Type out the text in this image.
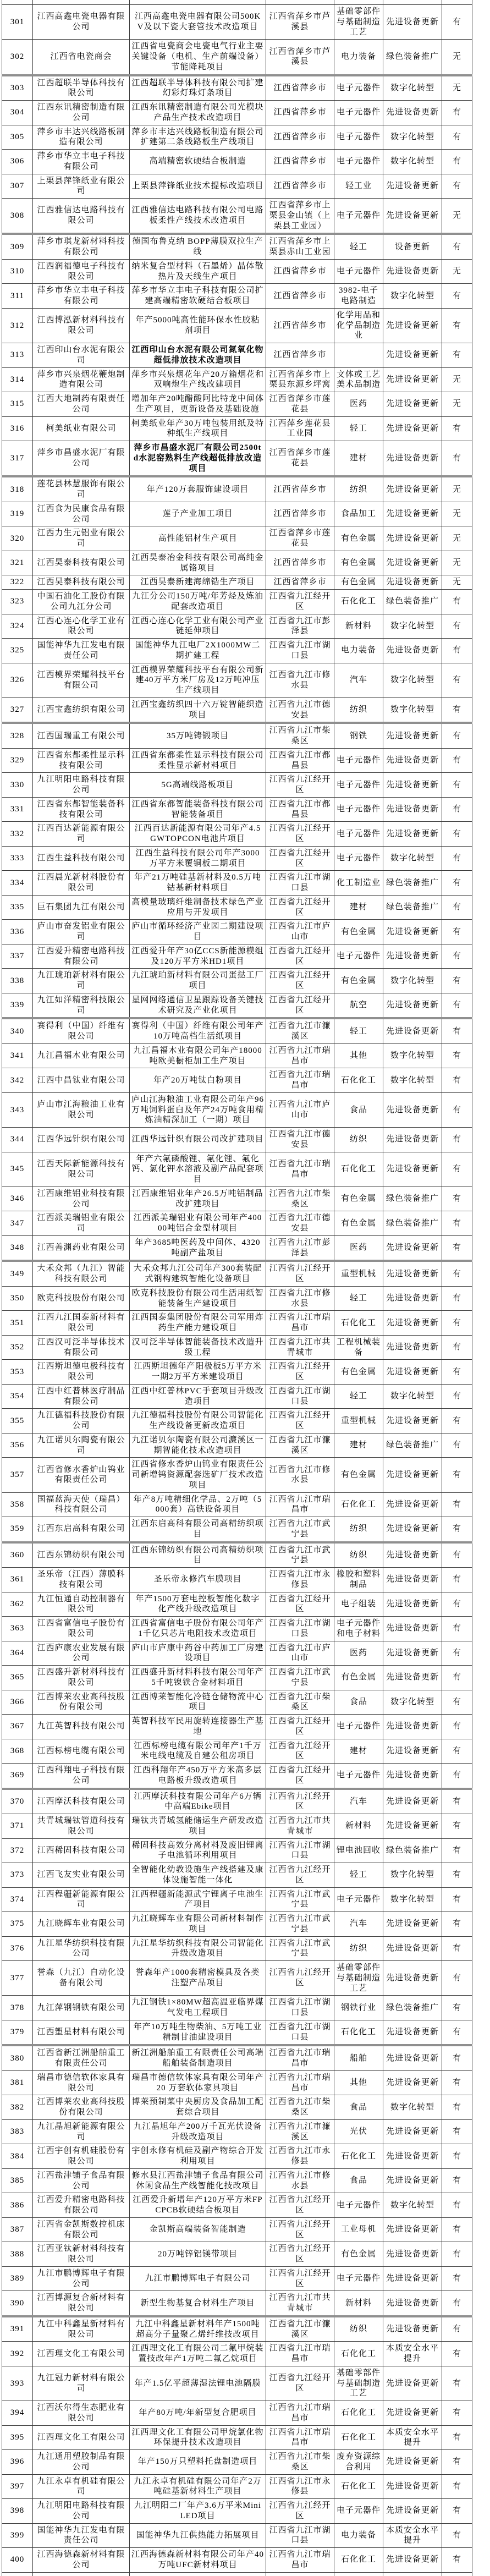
301	江西高鑫电瓷电器有限公司	江西高鑫电瓷电器有限公司500KV及以下瓷大套管技术改造项目	江西省萍乡市芦溪县	基础零部件与基础制造工艺	先进设备更新	有
302	江西省电瓷商会	江西省电瓷商会电瓷电气行业主要关键设备（电机、生产前端设备）节能降耗项目	江西省萍乡市芦溪县	电力装备	绿色装备推广	无
303	江西超联半导体科技有限公司	江西超联半导体科技有限公司扩建幻彩灯珠灯条项目	江西省萍乡市	电子元器件	数字化转型	无
304	江西东讯精密制造有限公司	江西东讯精密制造有限公司光模块产品生产技术改造项目	江西省萍乡市	电子元器件	先进设备更新	有
305	萍乡市丰达兴线路板制造有限公司	萍乡市丰达兴线路板制造有限公司扩建第二条线路板生产线项目	江西省萍乡市	电子元器件	数字化转型	有
306	萍乡市华立丰电子科技有限公司	高端精密软硬结合板制造	江西省萍乡市	电子元器件	数字化转型	有
307	上栗县萍锋纸业有限公司	上栗县萍锋纸业技术提标改造项目	江西省萍乡市	轻工业	先进设备更新	有
308	江西雅信达电路科技有限公司	江西雅信达电路科技有限公司电路板柔性产线技术改造项目	江西省萍乡市上栗县金山镇（上栗县工业园）	电子元器件	先进设备更新	无
309	萍乡市琪龙新材料科技有限公司	德国布鲁克纳 BOPP薄膜双拉生产线	江西省萍乡市上栗县赤山工业园	轻工	设备更新	有
310	江西润福德电子科技有限公司	纳米复合型材料（石墨烯）晶体散热片及天线生产项目	江西省萍乡市	电子元器件	先进设备更新	无
311	萍乡市华立丰电子科技有限公司	萍乡市华立丰电子科技有限公司扩建高端精密软硬结合板项目	江西省萍乡市	3982-电子电路制造	数字化转型	有
312	江西博泓新材料科技有限公司	年产5000吨高性能环保水性胶粘剂项目	江西省萍乡市	化学用品和化学品制造业	先进设备更新	有
313	江西印山台水泥有限公司	江西印山台水泥有限公司氮氧化物超低排放技术改造项目	江西省萍乡市		先进设备更新	有
314	萍乡市兴泉烟花鞭炮制造有限公司	萍乡市兴泉烟花年产20万箱烟花和双响炮生产线改建项目	江西省萍乡市上栗县东源乡坪窝	文体或工艺美术品制造	先进设备更新	无
315	江西大地制药有限责任公司	增加年产20吨醋酸阿比特龙中间体生产项目，更新设备及基础设施	江西省萍乡市莲花县	医药	先进设备更新	无
316	柯美纸业有限公司	柯美纸业年产30万吨包装用纸及特种纸生产线项目	江西萍乡莲花县工业园	轻工	先进设备更新	有
317	萍乡市昌盛水泥厂有限公司	萍乡市昌盛水泥厂有限公司2500td水泥窑熟料生产线超低排放改造项目	江西省萍乡市莲花县	建材	先进设备更新	有
318	莲花县林慧服饰有限公司	年产120万套服饰建设项目	江西省萍乡市	纺织	先进设备更新	无
319	江西食为民康食品有限公司	莲子产业加工项目	江西省萍乡市	食品加工	先进设备更新	无
320	江西力生元铝业有限公司	高性能铝材生产项目	江西省萍乡市莲花县	有色金属	先进设备更新	无
321	江西昊泰科技有限公司	江西昊泰冶金科技有限公司高纯金属铬项目	江西省萍乡市	有色金属	先进设备更新	无
322	江西昊泰科技有限公司	江西昊泰新建海绵锆生产项目	江西省萍乡市	有色金属	先进设备更新	无
323	中国石油化工股份有限公司九江分公司	九江分公司150万吨/年芳烃及炼油配套改造项目	江西省九江经开区	石化化工	绿色装备推广	有
324	江西心连心化学工业有限公司	江西心连心化学工业有限公司产业链延伸项目	江西省九江市彭泽县	新材料	数字化转型	有
325	国能神华九江发电有限责任公司	国能神华九江电厂2X1000MW二期扩建工程	江西省九江市湖口县	电力装备	先进设备更新	有
326	江西模界荣耀科技平台有限公司	江西模界荣耀科技平台有限公司新建40万平方米厂房及12万吨冲压生产线项目	江西省九江市修水县	汽车	数字化转型	有
327	江西宝鑫纺织有限公司	江西宝鑫纺织四十六万锭智能织造项目	江西省九江市德安县	纺织	数字化转型	有
328	江西国瑞重工有限公司	35万吨铸锻项目	江西省九江市柴桑区	钢铁	先进设备更新	有
329	江西省东都柔性显示科技有限公司	江西省东都柔性显示科技有限公司柔性显示新材料项目	江西省九江市都昌县	电子元器件	先进设备更新	有
330	九江明阳电路科技有限公司	5G高端线路板项目	江西省九江经开区	电子元器件	先进设备更新	有
331	江西省东都智能装备科技有限公司	江西省东都智能装备科技有限公司智能装备项目	江西省九江市都昌县	电子元器件	先进设备更新	有
332	江西百达新能源有限公司	江西百达新能源有限公司年产4.5GWTOPCON电池片项目	江西省九江经开区	电子元器件	先进设备更新	有
333	江西生益科技有限公司	江西生益科技有限公司年产3000万平方米覆铜板二期项目	江西省九江经开区	电子元器件	数字化转型	有
334	江西晨光新材料股份有限公司	年产21万吨硅基新材料及0.5万吨钴基新材料项目	江西省九江市湖口县	化工制造业	绿色装备推广	有
335	巨石集团九江有限公司	高模量玻璃纤维制备技术绿色产业应用与开发项目	江西省九江经开区	建材	绿色装备推广	有
336	庐山市奋发铝业有限公司	庐山市循环经济产业园二期建设项目	江西省九江市庐山市	有色金属	先进设备更新	有
337	江西爱升精密电路科技有限公司	江西爱升年产30亿CCS新能源模组及120万平方米HD1项目	江西省九江经开区	电子元器件	先进设备更新	有
338	九江琥珀新材料有限公司	九江琥珀新材料有限公司蛋挞工厂项目	江西省九江经开区	有色金属	数字化转型	有
339	九江如洋精密科技限公司	星网网络通信卫星跟踪设备关键技术研究及产业化项目	江西省九江经开区	航空	先进设备更新	有
340	赛得利（中国）纤维有限公司	赛得利（中国）纤维有限公司年产10万吨高档生活纸项目	江西省九江市濂溪区	轻工	先进设备更新	有
341	九江昌福木业有限公司	九江昌福木业有限公司年产18000吨欧美橱柜加工生产项目	江西省九江市瑞昌市	其他	数字化转型	有
342	江西中昌钛业有限公司	年产20万吨钛白粉项目	江西省九江市瑞昌市	石化化工	数字化转型	有
343	庐山市江海粮油工业有限公司	庐山江海粮油工业有限公司年产96万吨饲料蛋白及年产24万吨食用精炼油精深加工（一期）项目	江西省九江市庐山市	食品	先进设备更新	有
344	江西华远针织有限公司	江西华远针织有限公司改扩建项目	江西省九江市德安县	纺织	先进设备更新	有
345	江西天际新能源科技有限公司	年产六氟磷酸锂、氟化锂、氟化钙、氯化钾水溶液及副产品配套项目	江西省九江市瑞昌市	石化化工	先进设备更新	有
346	江西康维铝业科技有限公司	江西康维铝业年产26.5万吨铝制品改扩建项目	江西省九江市柴桑区	有色金属	绿色装备推广	有
347	江西派美瑞铝业有限公司	江西派美瑞铝业有限公司年产40000吨铝合金型材项目	江西省九江市德安县	有色金属	绿色装备推广	有
348	江西善渊药业有限公司	年产3685吨医药及中间体、4320吨副产盐项目	江西省九江市彭泽县	医药	先进设备更新	有
349	大禾众邦（九江）智能科技有限公司	大禾众邦九江公司年产300套装配式钢构建筑智能化设备项目	江西省九江经开区	重型机械	先进设备更新	有
350	欧克科技股份有限公司	欧克科技股份有限公司生活用纸智能装备生产建设项目	江西省九江市修水县	轻工	先进设备更新	有
351	江西九江国泰新材料有限公司	江西国泰集团股份有限公司军用炸药生产能力建设项目	江西省九江市瑞昌市	石化化工	先进设备更新	有
352	江西汉可泛半导体技术有限公司	汉可泛半导体智能装备技术改造升级工程	江西省九江市共青城市	工程机械装备	先进设备更新	有
353	江西斯坦德电极科技有限公司	江西斯坦德年产阳极板5万平方米一期2万平方米建设项目	江西省九江经开区	有色金属	先进设备更新	有
354	江西中红普林医疗制品有限公司	江西中红普林PVC手套项目升级改造项目	江西省九江市湖口县	轻工	数字化转型	有
355	九江德福科技股份有限公司	九江德福科技股份有限公司智能化生产线设备更新改造项目	江西省九江经开区	重型机械	先进设备更新	有
356	九江诺贝尔陶瓷有限公司	九江诺贝尔陶瓷有限公司濂溪区一期智能化技术改造项目	江西省九江市濂溪区	建材	绿色装备推广	有
357	江西省修水香炉山钨业有限责任公司	江西省修水香炉山钨业有限责任公司新增钨资源配套选矿厂技术改造项目	江西省九江市修水县	有色金属	先进设备更新	有
358	国福蓝海天使（瑞昌）科技有限公司	年产8万吨精细化学品、2万吨（5000套）高铁设备项目	江西省九江市瑞昌市	石化化工	先进设备更新	有
359	江西东启高科有限公司	江西东启高科有限公司高精纺织项目	江西省九江市武宁县	纺织	先进设备更新	有
360	江西东锦纺织有限公司	江西东锦纺织有限公司高精纺织项目	江西省九江市武宁县	纺织	先进设备更新	有
361	圣乐帝（江西）薄膜科技有限公司	圣乐帝永修汽车膜项目	江西省九江市永修县	橡胶和塑料制品	先进设备更新	有
362	九江恒通自动控制器有限公司	年产1500万套电控板智能化数字化产线升级改造项目	江西省九江经开区	电子组装	先进设备更新	有
363	江西省富信电子股份有限公司	江西省富信电子股份有限公司年产1千亿只芯片电阻技术改造项目	江西省九江市湖口县	电子元器件和电子材料	先进设备更新	有
364	江西庐康农业发展有限公司	庐山市庐康中药谷中药加工厂房建设项目	江西省九江市庐山市	医药	先进设备更新	有
365	江西盛升新材料科技有限公司	江西盛升新材料科技有限公司年产5千吨镍铁合金材料项目	江西省九江市武宁县	有色金属	先进设备更新	有
366	江西博莱农业高科技股份有限公司	江西博莱智能化冷链仓储物流中心项目	江西省九江市柴桑区	食品	数字化转型	有
367	九江英智科技有限公司	英智科技军民用旋转连接器生产基地	江西省九江经开区	电子元器件	先进设备更新	有
368	江西标榜电缆有限公司	江西标榜电缆有限公司年产1千万米电线电缆及自建公租房项目	江西省九江经开区	建材	先进设备更新	有
369	江西科翔电子科技有限公司	江西科翔年产450万平方米高多层电路板升级改造项目	江西省九江经开区	电子元器件	先进设备更新	有
370	江西摩沃科技有限公司	江西摩沃科技有限公司年产6万辆中高端Ebike项目	江西省九江经开区	汽车	先进设备更新	有
371	共青城瑞钛管道科技有限公司	瑞钛共青城氢能储运生产研发改造项目	江西省九江市共青城市	新材料	先进设备更新	有
372	江西稀固科技有限公司	稀固科技高效分离材料及废旧锂离子电池循环利用项目	江西省九江市湖口县	锂电池回收	绿色装备推广	有
373	江西飞友实业有限公司	全智能化幼教设施生产线搭建及康体设施智能一体化	江西省九江经开区	轻工	数字化转型	有
374	江西程疆新能源有限公司	江西程疆新能源武宁锂离子电池生产项目	江西省九江市武宁县	电子元器件	数字化转型	有
375	九江晓辉车业有限公司	九江晓辉车业有限公司新材料制作项目	江西省九江市武宁县	汽车	先进设备更新	有
376	九江星华纺织科技有限公司	九江星华纺织科技有限公司智能化升级改造项目	江西省九江市武宁县	纺织	先进设备更新	有
377	誉森（九江）自动化设备有限公司	誉森年产1000套精密模具及各类注塑产品项目	江西省九江经开区	基础零部件与基础制造工艺	先进设备更新	有
378	九江萍钢钢铁有限公司	九江钢铁1×80MW超高温亚临界煤气发电工程项目	江西省九江市湖口县	钢铁行业	绿色装备推广	有
379	江西塑星材料有限公司	年产10万吨生物柴油、5万吨工业精制甘油建设项目	江西省九江市湖口县	石化化工	先进设备更新	有
380	江西省新江洲船舶重工有限责任公司	新江洲船舶重工有限责任公司高端船舶装备制造项目	江西省九江市瑞昌市	船舶	先进设备更新	有
381	瑞昌市德信软体家具有限公司	瑞昌市德信软体家具有限公司年产 20 万套软体家具项目	江西省九江市瑞昌市	其他	先进设备更新	有
382	江西博莱农业高科技股份有限公司	博莱预制菜中央厨房及食品加工配套综合项目	江西省九江市柴桑区	食品	数字化转型	有
383	九江晶旭新能源有限公司	九江晶旭年产200万千瓦光伏设备升级改造项目	江西省九江市濂溪区	光伏	先进设备更新	有
384	江西宇创有机硅股份有限公司	宇创永修有机硅及副产物综合开发利用项目	江西省九江市永修县	石化化工	先进设备更新	有
385	江西盐津铺子食品有限公司	修水县江西盐津铺子食品有限公司休闲食品生产线智能化技改项目	江西省九江市修水县	食品	先进设备更新	有
386	江西爱升精密电路科技有限公司	江西爱升新增年产120万平方米FPCPCB软硬结合板项目	江西省九江经开区	电子元器件	数字化转型	有
387	江西省金凯斯数控机床有限公司	金凯斯高端装备智能制造	江西省九江经开区	工业母机	先进设备更新	有
388	江西亚钛新材料科技有限公司	20万吨锌铝镁带项目	江西省九江经开区	有色金属	先进设备更新	有
389	九江市鹏博辉电子有限公司	九江市鹏博辉电子有限公司	江西省九江经开区	电子元器件	先进设备更新	有
390	江西博源复合新材料有限公司	新型生物基复合材料生产项目	江西省九江市共青城市	新材料	先进设备更新	有
391	九江中科鑫星新材料有限公司	九江中科鑫星新材料年产1500吨超高分子量聚乙烯纤维技改项目	江西省九江市濂溪区	纺织	先进设备更新	有
392	江西理文化工有限公司	江西理文化工有限公司二氟甲烷装置技改年产1万吨二氟乙烷项目	江西省九江市瑞昌市	石化化工	本质安全水平提升	有
393	九江冠力新材料有限公司	年产1.5亿平超薄湿法锂电池隔膜	江西省九江经开区	基础零部件与基础制造工艺	先进设备更新	有
394	江西沃尔得生态肥业有限公司	年产80万吨/年新型复合肥项目	江西省九江市瑞昌市	石化化工	先进设备更新	有
395	江西理文化工有限公司	江西理文化工有限公司甲烷氯化物环保提升技术改造项目	江西省九江市瑞昌市	石化化工	本质安全水平提升	有
396	九江通用塑胶制品有限公司	年产150万只塑料托盘制造项目	江西省九江市柴桑区	废弃资源综合利用	先进设备更新	有
397	九江永卓有机硅有限公司	九江永卓有机硅有限公司年产2万吨硅基新材料生产项目	江西省九江市永修县	石化化工	先进设备更新	有
398	九江明阳电路科技有限公司	九江明阳二厂年产3.6万平米MiniLED项目	江西省九江经开区	电子元器件	先进设备更新	有
399	国能神华九江发电有限责任公司	国能神华九江供热能力拓展项目	江西省九江市湖口县	电力装备	本质安全水平提升	有
400	江西海德森新材料有限公司	江西海德森新材料有限公司年产40万吨UFC新材料项目	江西省九江市瑞昌市	石化化工	先进设备更新	有
